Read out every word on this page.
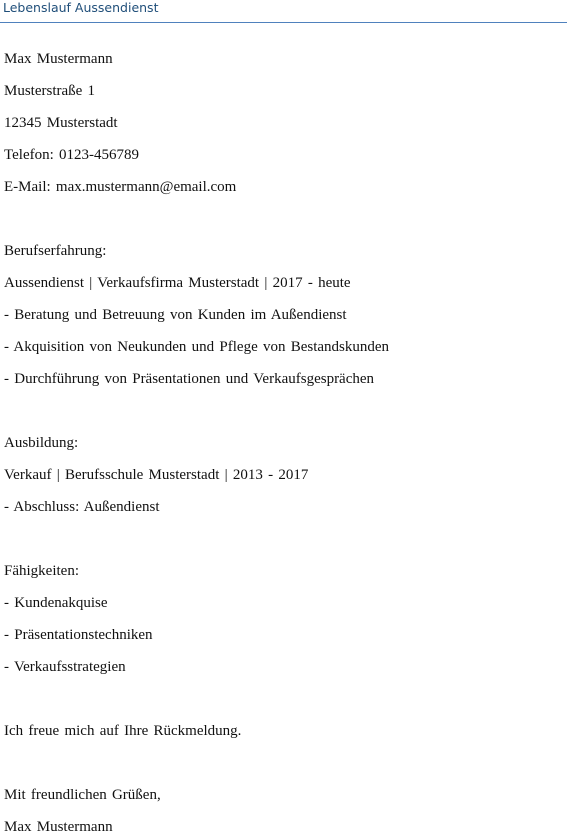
Lebenslauf Aussendienst
Max Mustermann
Musterstraße 1
12345 Musterstadt
Telefon: 0123-456789
E-Mail: max.mustermann@email.com
Berufserfahrung:
Aussendienst | Verkaufsfirma Musterstadt | 2017 - heute
- Beratung und Betreuung von Kunden im Außendienst
- Akquisition von Neukunden und Pflege von Bestandskunden
- Durchführung von Präsentationen und Verkaufsgesprächen
Ausbildung:
Verkauf | Berufsschule Musterstadt | 2013 - 2017
- Abschluss: Außendienst
Fähigkeiten:
- Kundenakquise
- Präsentationstechniken
- Verkaufsstrategien
Ich freue mich auf Ihre Rückmeldung.
Mit freundlichen Grüßen,
Max Mustermann
